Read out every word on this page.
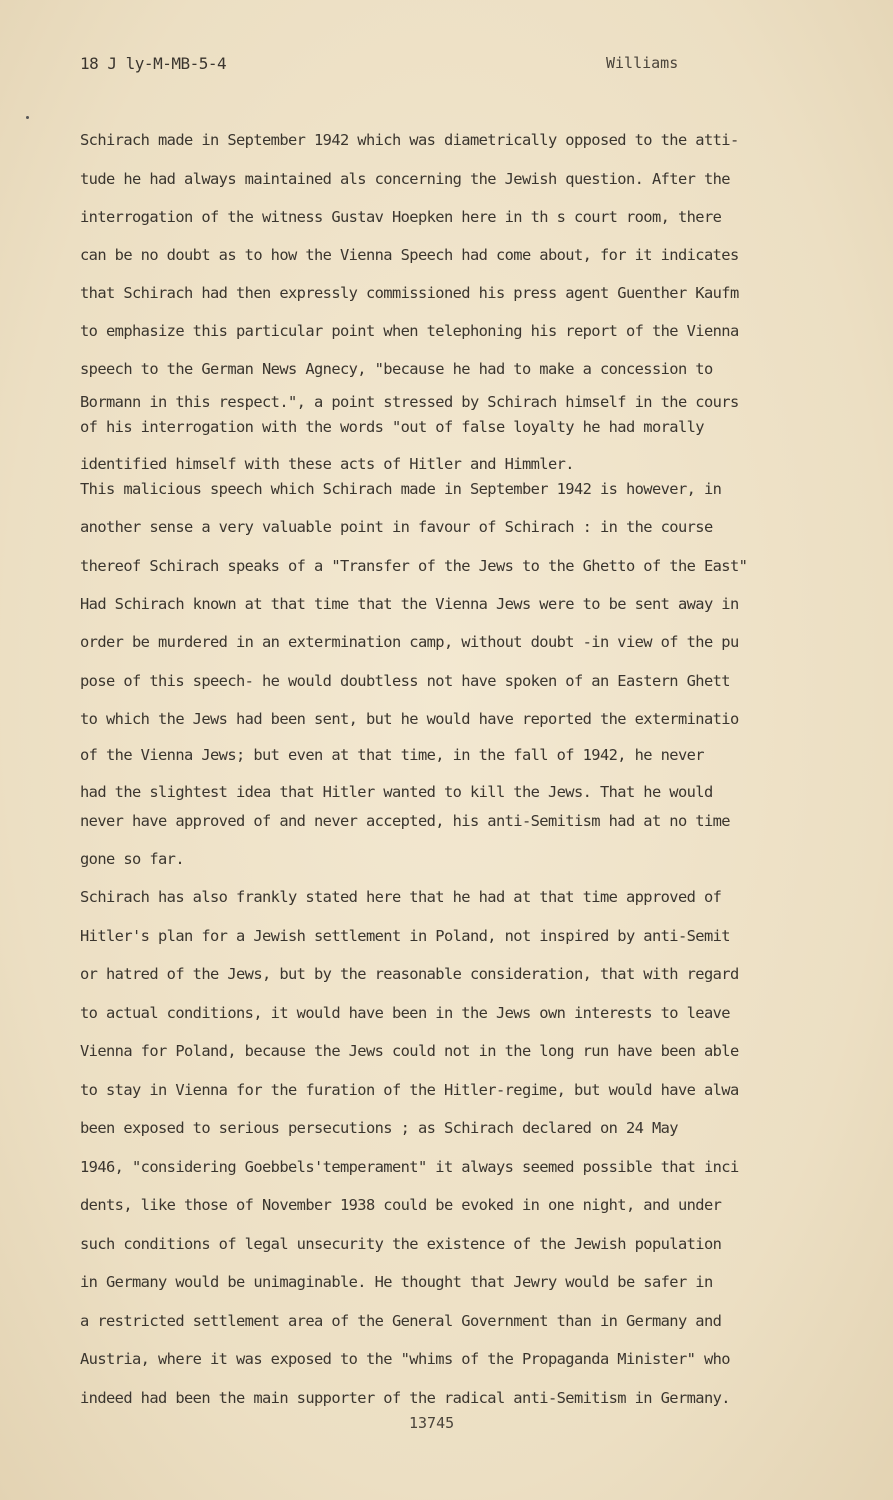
18 J ly-M-MB-5-4	Williams
Schirach made in September 1942 which was diametrically opposed to the atti-
tude he had always maintained als concerning the Jewish question. After the
interrogation of the witness Gustav Hoepken here in th s court room, there
can be no doubt as to how the Vienna Speech had come about, for it indicates
that Schirach had then expressly commissioned his press agent Guenther Kaufm
to emphasize this particular point when telephoning his report of the Vienna
speech to the German News Agnecy, "because he had to make a concession to
Bormann in this respect.", a point stressed by Schirach himself in the cours
of his interrogation with the words "out of false loyalty he had morally
identified himself with these acts of Hitler and Himmler.
This malicious speech which Schirach made in September 1942 is however, in
another sense a very valuable point in favour of Schirach : in the course
thereof Schirach speaks of a "Transfer of the Jews to the Ghetto of the East"
Had Schirach known at that time that the Vienna Jews were to be sent away in
order be murdered in an extermination camp, without doubt -in view of the pu
pose of this speech- he would doubtless not have spoken of an Eastern Ghett
to which the Jews had been sent, but he would have reported the exterminatio
of the Vienna Jews; but even at that time, in the fall of 1942, he never
had the slightest idea that Hitler wanted to kill the Jews. That he would
never have approved of and never accepted, his anti-Semitism had at no time
gone so far.
Schirach has also frankly stated here that he had at that time approved of
Hitler's plan for a Jewish settlement in Poland, not inspired by anti-Semit
or hatred of the Jews, but by the reasonable consideration, that with regard
to actual conditions, it would have been in the Jews own interests to leave
Vienna for Poland, because the Jews could not in the long run have been able
to stay in Vienna for the furation of the Hitler-regime, but would have alwa
been exposed to serious persecutions ; as Schirach declared on 24 May
1946, "considering Goebbels'temperament" it always seemed possible that inci
dents, like those of November 1938 could be evoked in one night, and under
such conditions of legal unsecurity the existence of the Jewish population
in Germany would be unimaginable. He thought that Jewry would be safer in
a restricted settlement area of the General Government than in Germany and
Austria, where it was exposed to the "whims of the Propaganda Minister" who
indeed had been the main supporter of the radical anti-Semitism in Germany.
13745
